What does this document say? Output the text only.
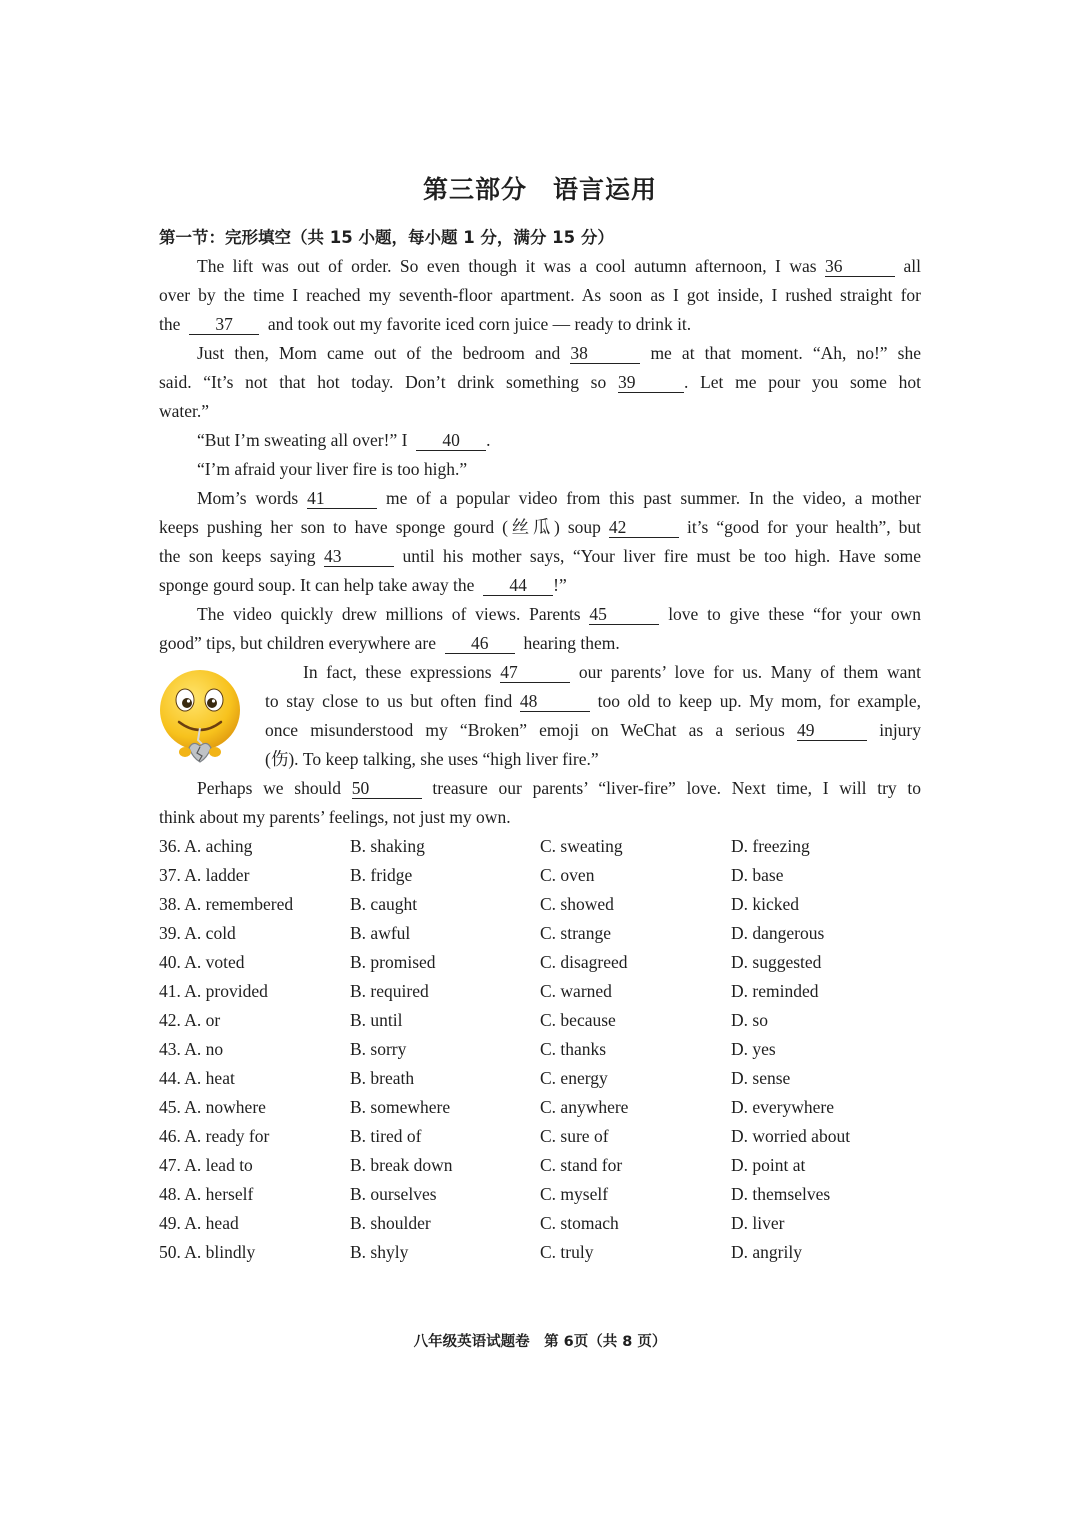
第三部分 语言运用
第一节：完形填空（共 15 小题，每小题 1 分，满分 15 分）
The lift was out of order. So even though it was a cool autumn afternoon, I was 36	all
over by the time I reached my seventh-floor apartment. As soon as I got inside, I rushed straight for
the 37 and took out my favorite iced corn juice — ready to drink it.
Just then, Mom came out of the bedroom and 38	me at that moment. “Ah, no!” she
said. “It’s not that hot today. Don’t drink something so 39	. Let me pour you some hot
water.”
“But I’m sweating all over!” I 40 .
“I’m afraid your liver fire is too high.”
Mom’s words 41	me of a popular video from this past summer. In the video, a mother
keeps pushing her son to have sponge gourd (丝瓜) soup 42	it’s “good for your health”, but
the son keeps saying 43	until his mother says, “Your liver fire must be too high. Have some
sponge gourd soup. It can help take away the 44 !”
The video quickly drew millions of views. Parents 45	love to give these “for your own
good” tips, but children everywhere are 46 hearing them.
In fact, these expressions 47	our parents’ love for us. Many of them want
to stay close to us but often find 48	too old to keep up. My mom, for example,
once misunderstood my “Broken” emoji on WeChat as a serious 49	injury
(伤). To keep talking, she uses “high liver fire.”
Perhaps we should 50	treasure our parents’ “liver-fire” love. Next time, I will try to
think about my parents’ feelings, not just my own.
36. A. aching	B. shaking	C. sweating	D. freezing
37. A. ladder	B. fridge	C. oven	D. base
38. A. remembered	B. caught	C. showed	D. kicked
39. A. cold	B. awful	C. strange	D. dangerous
40. A. voted	B. promised	C. disagreed	D. suggested
41. A. provided	B. required	C. warned	D. reminded
42. A. or	B. until	C. because	D. so
43. A. no	B. sorry	C. thanks	D. yes
44. A. heat	B. breath	C. energy	D. sense
45. A. nowhere	B. somewhere	C. anywhere	D. everywhere
46. A. ready for	B. tired of	C. sure of	D. worried about
47. A. lead to	B. break down	C. stand for	D. point at
48. A. herself	B. ourselves	C. myself	D. themselves
49. A. head	B. shoulder	C. stomach	D. liver
50. A. blindly	B. shyly	C. truly	D. angrily
八年级英语试题卷　第 6页（共 8 页）
